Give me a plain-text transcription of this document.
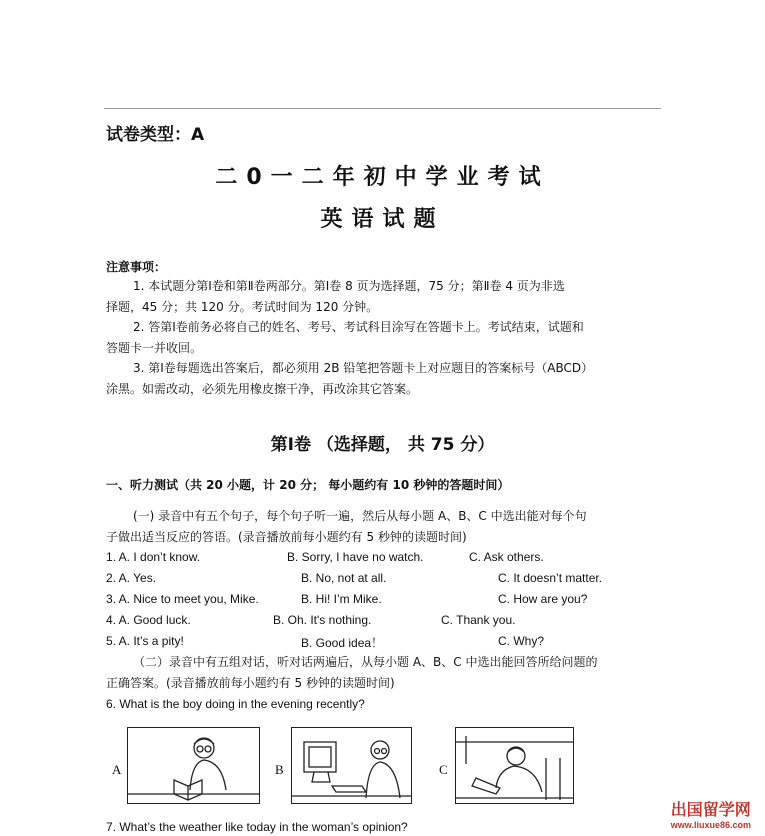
试卷类型：A
二0一二年初中学业考试
英语试题
注意事项：
1. 本试题分第Ⅰ卷和第Ⅱ卷两部分。第Ⅰ卷 8 页为选择题，75 分；第Ⅱ卷 4 页为非选
择题，45 分；共 120 分。考试时间为 120 分钟。
2. 答第Ⅰ卷前务必将自己的姓名、考号、考试科目涂写在答题卡上。考试结束，试题和
答题卡一并收回。
3. 第Ⅰ卷每题选出答案后，都必须用 2B 铅笔把答题卡上对应题目的答案标号（ABCD）
涂黑。如需改动，必须先用橡皮擦干净，再改涂其它答案。
第Ⅰ卷 （选择题， 共 75 分）
一、听力测试（共 20 小题，计 20 分； 每小题约有 10 秒钟的答题时间）
(一) 录音中有五个句子，每个句子听一遍，然后从每小题 A、B、C 中选出能对每个句
子做出适当反应的答语。(录音播放前每小题约有 5 秒钟的读题时间)
1. A. I don’t know.	B. Sorry, I have no watch.	C. Ask others.
2. A. Yes.	B. No, not at all.	C. It doesn’t matter.
3. A. Nice to meet you, Mike.	B. Hi! I’m Mike.	C. How are you?
4. A. Good luck.	B. Oh. It's nothing.	C. Thank you.
5. A. It’s a pity!	B. Good idea！	C. Why?
（二）录音中有五组对话，听对话两遍后，从每小题 A、B、C 中选出能回答所给问题的
正确答案。(录音播放前每小题约有 5 秒钟的读题时间)
6. What is the boy doing in the evening recently?
A	B	C
7. What’s the weather like today in the woman’s opinion?
出国留学网
www.liuxue86.com
